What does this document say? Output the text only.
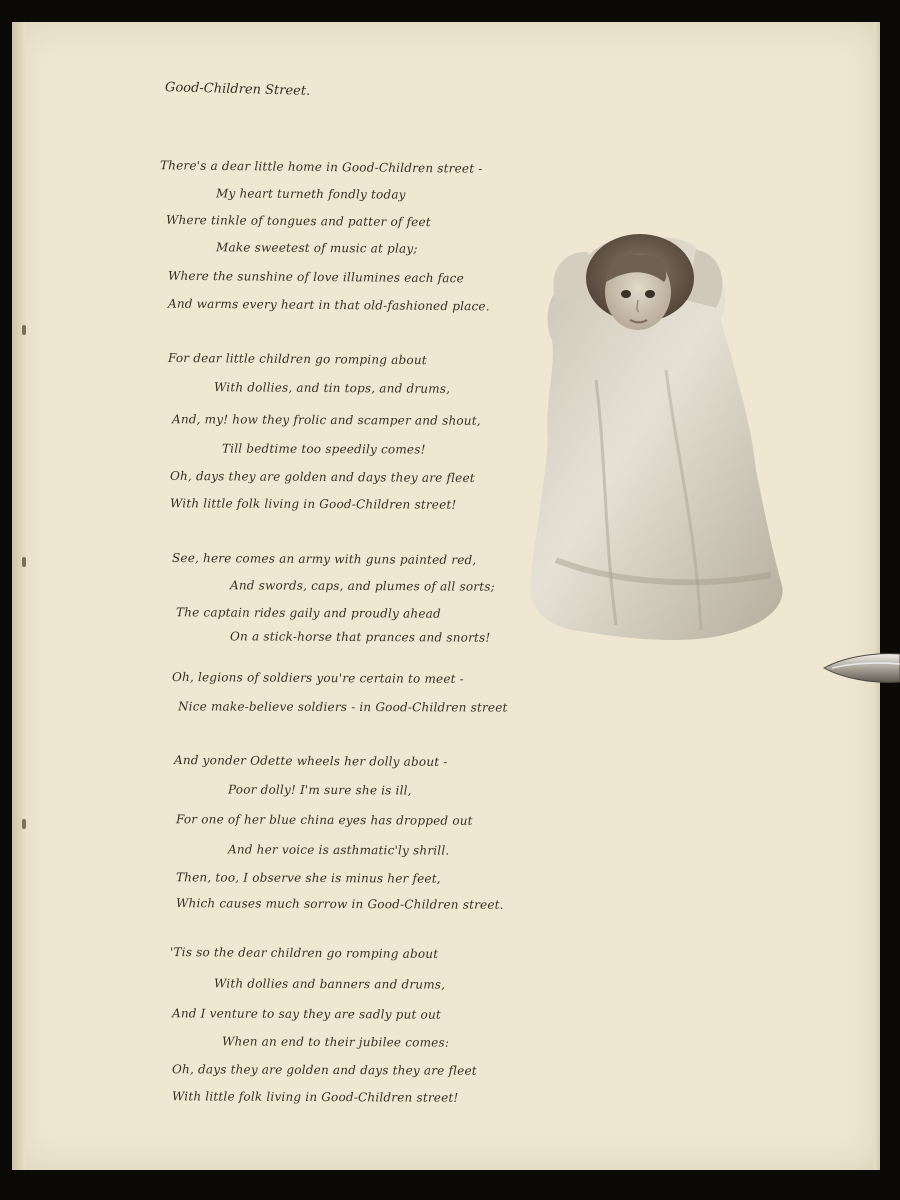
Good-Children Street.

There's a dear little home in Good-Children street -

My heart turneth fondly today

Where tinkle of tongues and patter of feet

Make sweetest of music at play;

Where the sunshine of love illumines each face

And warms every heart in that old-fashioned place.

For dear little children go romping about

With dollies, and tin tops, and drums,

And, my! how they frolic and scamper and shout,

Till bedtime too speedily comes!

Oh, days they are golden and days they are fleet

With little folk living in Good-Children street!

See, here comes an army with guns painted red,

And swords, caps, and plumes of all sorts;

The captain rides gaily and proudly ahead

On a stick-horse that prances and snorts!

Oh, legions of soldiers you're certain to meet -

Nice make-believe soldiers - in Good-Children street

And yonder Odette wheels her dolly about -

Poor dolly! I'm sure she is ill,

For one of her blue china eyes has dropped out

And her voice is asthmatic'ly shrill.

Then, too, I observe she is minus her feet,

Which causes much sorrow in Good-Children street.

'Tis so the dear children go romping about

With dollies and banners and drums,

And I venture to say they are sadly put out

When an end to their jubilee comes:

Oh, days they are golden and days they are fleet

With little folk living in Good-Children street!
